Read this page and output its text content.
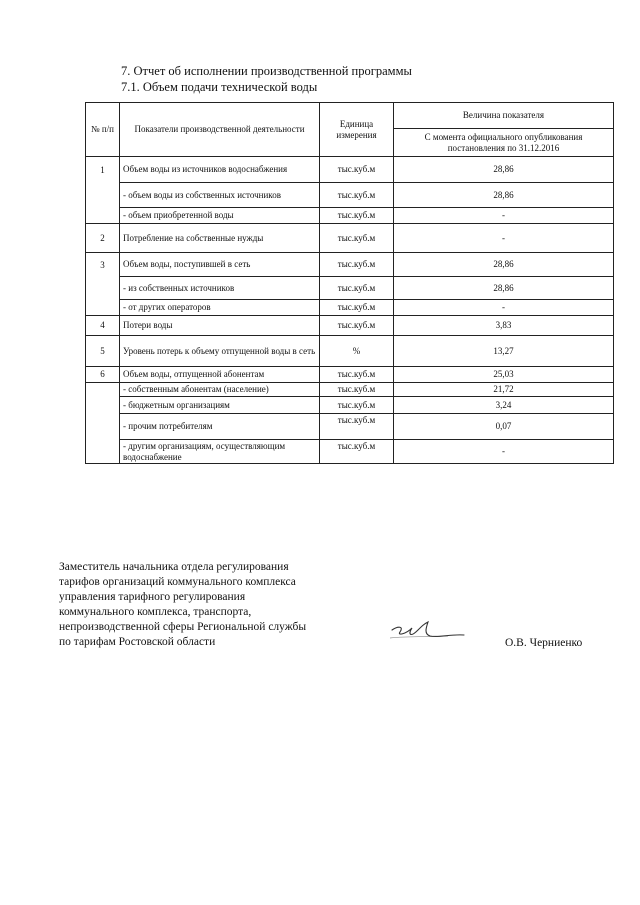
7. Отчет об исполнении производственной программы
7.1. Объем подачи технической воды
№ п/п	Показатели производственной деятельности	Единица измерения	Величина показателя
			С момента официального опубликования постановления по 31.12.2016
1	Объем воды из источников водоснабжения	тыс.куб.м	28,86
	- объем воды из собственных источников	тыс.куб.м	28,86
	- объем приобретенной воды	тыс.куб.м	-
2	Потребление на собственные нужды	тыс.куб.м	-
3	Объем воды, поступившей в сеть	тыс.куб.м	28,86
	- из собственных источников	тыс.куб.м	28,86
	- от других операторов	тыс.куб.м	-
4	Потери воды	тыс.куб.м	3,83
5	Уровень потерь к объему отпущенной воды в сеть	%	13,27
6	Объем воды, отпущенной абонентам	тыс.куб.м	25,03
	- собственным абонентам (население)	тыс.куб.м	21,72
	- бюджетным организациям	тыс.куб.м	3,24
	- прочим потребителям	тыс.куб.м	0,07
	- другим организациям, осуществляющим водоснабжение	тыс.куб.м	-
Заместитель начальника отдела регулирования
тарифов организаций коммунального комплекса
управления тарифного регулирования
коммунального комплекса, транспорта,
непроизводственной сферы Региональной службы
по тарифам Ростовской области	О.В. Черниенко
